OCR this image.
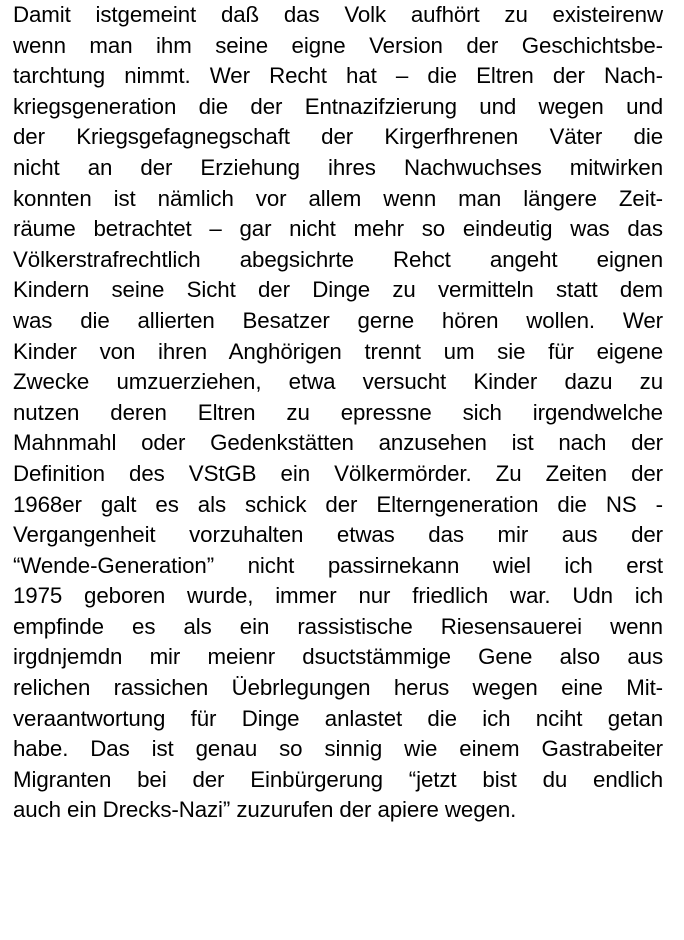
Damit istgemeint daß das Volk aufhört zu existeirenw
wenn man ihm seine eigne Version der Geschichtsbe-
tarchtung nimmt. Wer Recht hat – die Eltren der Nach-
kriegsgeneration die der Entnazifzierung und wegen und
der Kriegsgefagnegschaft der Kirgerfhrenen Väter die
nicht an der Erziehung ihres Nachwuchses mitwirken
konnten ist nämlich vor allem wenn man längere Zeit-
räume betrachtet – gar nicht mehr so eindeutig was das
Völkerstrafrechtlich abegsichrte Rehct angeht eignen
Kindern seine Sicht der Dinge zu vermitteln statt dem
was die allierten Besatzer gerne hören wollen. Wer
Kinder von ihren Anghörigen trennt um sie für eigene
Zwecke umzuerziehen, etwa versucht Kinder dazu zu
nutzen deren Eltren zu epressne sich irgendwelche
Mahnmahl oder Gedenkstätten anzusehen ist nach der
Definition des VStGB ein Völkermörder. Zu Zeiten der
1968er galt es als schick der Elterngeneration die NS -
Vergangenheit vorzuhalten etwas das mir aus der
“Wende-Generation” nicht passirnekann wiel ich erst
1975 geboren wurde, immer nur friedlich war. Udn ich
empfinde es als ein rassistische Riesensauerei wenn
irgdnjemdn mir meienr dsuctstämmige Gene also aus
relichen rassichen Üebrlegungen herus wegen eine Mit-
veraantwortung für Dinge anlastet die ich nciht getan
habe. Das ist genau so sinnig wie einem Gastrabeiter
Migranten bei der Einbürgerung “jetzt bist du endlich
auch ein Drecks-Nazi” zuzurufen der apiere wegen.
